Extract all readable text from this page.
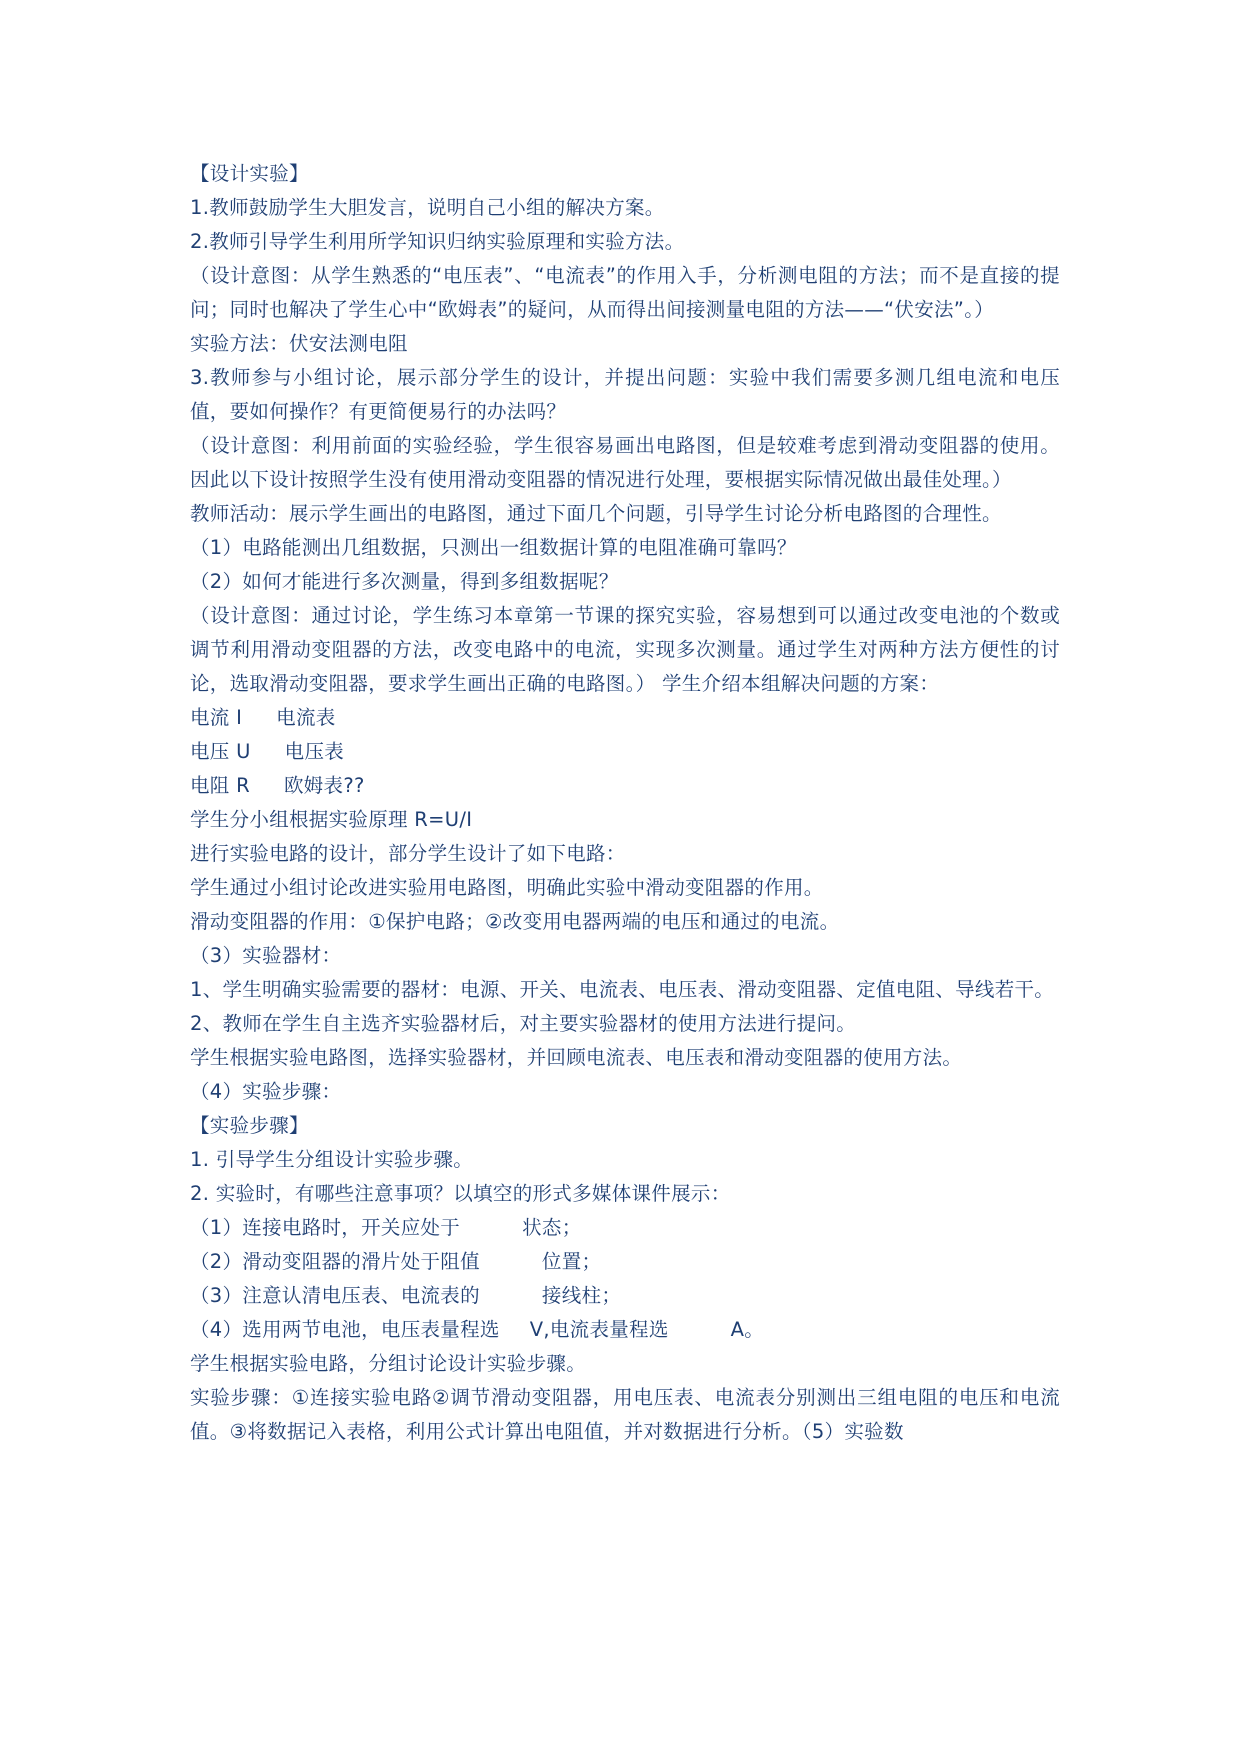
【设计实验】

1.教师鼓励学生大胆发言，说明自己小组的解决方案。

2.教师引导学生利用所学知识归纳实验原理和实验方法。

（设计意图：从学生熟悉的“电压表”、“电流表”的作用入手，分析测电阻的方法；而不是直接的提问；同时也解决了学生心中“欧姆表”的疑问，从而得出间接测量电阻的方法——“伏安法”。）

实验方法：伏安法测电阻

3.教师参与小组讨论，展示部分学生的设计，并提出问题：实验中我们需要多测几组电流和电压值，要如何操作？有更简便易行的办法吗？

（设计意图：利用前面的实验经验，学生很容易画出电路图，但是较难考虑到滑动变阻器的使用。因此以下设计按照学生没有使用滑动变阻器的情况进行处理，要根据实际情况做出最佳处理。）

教师活动：展示学生画出的电路图，通过下面几个问题，引导学生讨论分析电路图的合理性。

（1）电路能测出几组数据，只测出一组数据计算的电阻准确可靠吗？

（2）如何才能进行多次测量，得到多组数据呢？

（设计意图：通过讨论，学生练习本章第一节课的探究实验，容易想到可以通过改变电池的个数或调节利用滑动变阻器的方法，改变电路中的电流，实现多次测量。通过学生对两种方法方便性的讨论，选取滑动变阻器，要求学生画出正确的电路图。） 学生介绍本组解决问题的方案：

电流 I 电流表

电压 U 电压表

电阻 R 欧姆表??

学生分小组根据实验原理 R=U/I

进行实验电路的设计，部分学生设计了如下电路：

学生通过小组讨论改进实验用电路图，明确此实验中滑动变阻器的作用。

滑动变阻器的作用：①保护电路；②改变用电器两端的电压和通过的电流。

（3）实验器材：

1、学生明确实验需要的器材：电源、开关、电流表、电压表、滑动变阻器、定值电阻、导线若干。

2、教师在学生自主选齐实验器材后，对主要实验器材的使用方法进行提问。

学生根据实验电路图，选择实验器材，并回顾电流表、电压表和滑动变阻器的使用方法。

（4）实验步骤：

【实验步骤】

1. 引导学生分组设计实验步骤。

2. 实验时，有哪些注意事项？以填空的形式多媒体课件展示：

（1）连接电路时，开关应处于	状态；

（2）滑动变阻器的滑片处于阻值	位置；

（3）注意认清电压表、电流表的	接线柱；

（4）选用两节电池，电压表量程选 V,电流表量程选	A。

学生根据实验电路，分组讨论设计实验步骤。

实验步骤：①连接实验电路②调节滑动变阻器，用电压表、电流表分别测出三组电阻的电压和电流值。③将数据记入表格，利用公式计算出电阻值，并对数据进行分析。（5）实验数
